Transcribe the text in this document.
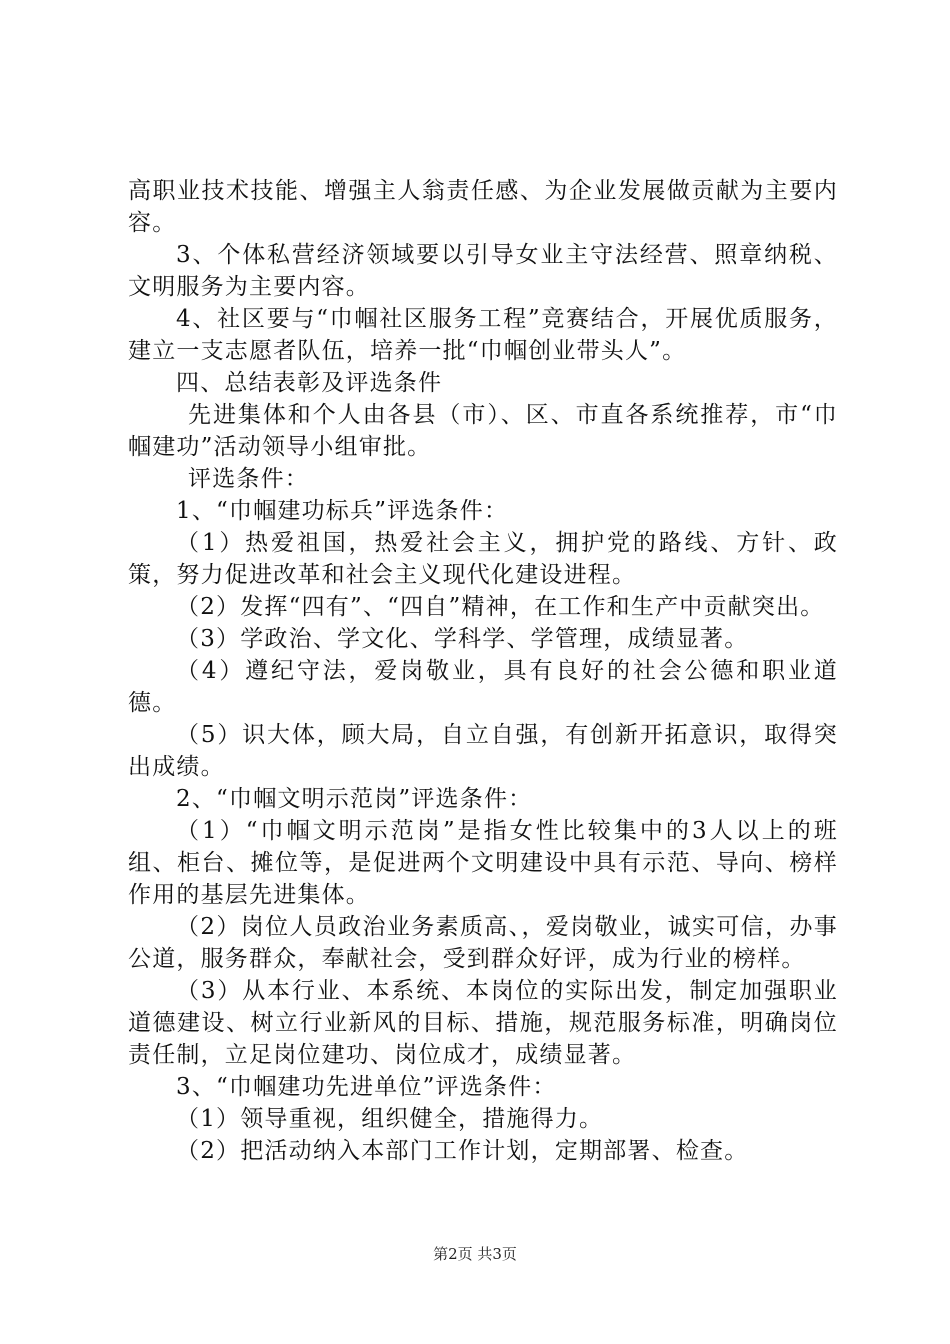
高职业技术技能、增强主人翁责任感、为企业发展做贡献为主要内容。

3、个体私营经济领域要以引导女业主守法经营、照章纳税、文明服务为主要内容。

4、社区要与“巾帼社区服务工程”竞赛结合，开展优质服务，建立一支志愿者队伍，培养一批“巾帼创业带头人”。

四、总结表彰及评选条件

先进集体和个人由各县（市）、区、市直各系统推荐，市“巾帼建功”活动领导小组审批。

评选条件：

1、“巾帼建功标兵”评选条件：

（1）热爱祖国，热爱社会主义，拥护党的路线、方针、政策，努力促进改革和社会主义现代化建设进程。

（2）发挥“四有”、“四自”精神，在工作和生产中贡献突出。

（3）学政治、学文化、学科学、学管理，成绩显著。

（4）遵纪守法，爱岗敬业，具有良好的社会公德和职业道德。

（5）识大体，顾大局，自立自强，有创新开拓意识，取得突出成绩。

2、“巾帼文明示范岗”评选条件：

（1）“巾帼文明示范岗”是指女性比较集中的3人以上的班组、柜台、摊位等，是促进两个文明建设中具有示范、导向、榜样作用的基层先进集体。

（2）岗位人员政治业务素质高、，爱岗敬业，诚实可信，办事公道，服务群众，奉献社会，受到群众好评，成为行业的榜样。

（3）从本行业、本系统、本岗位的实际出发，制定加强职业道德建设、树立行业新风的目标、措施，规范服务标准，明确岗位责任制，立足岗位建功、岗位成才，成绩显著。

3、“巾帼建功先进单位”评选条件：

（1）领导重视，组织健全，措施得力。

（2）把活动纳入本部门工作计划，定期部署、检查。

第2页 共3页
